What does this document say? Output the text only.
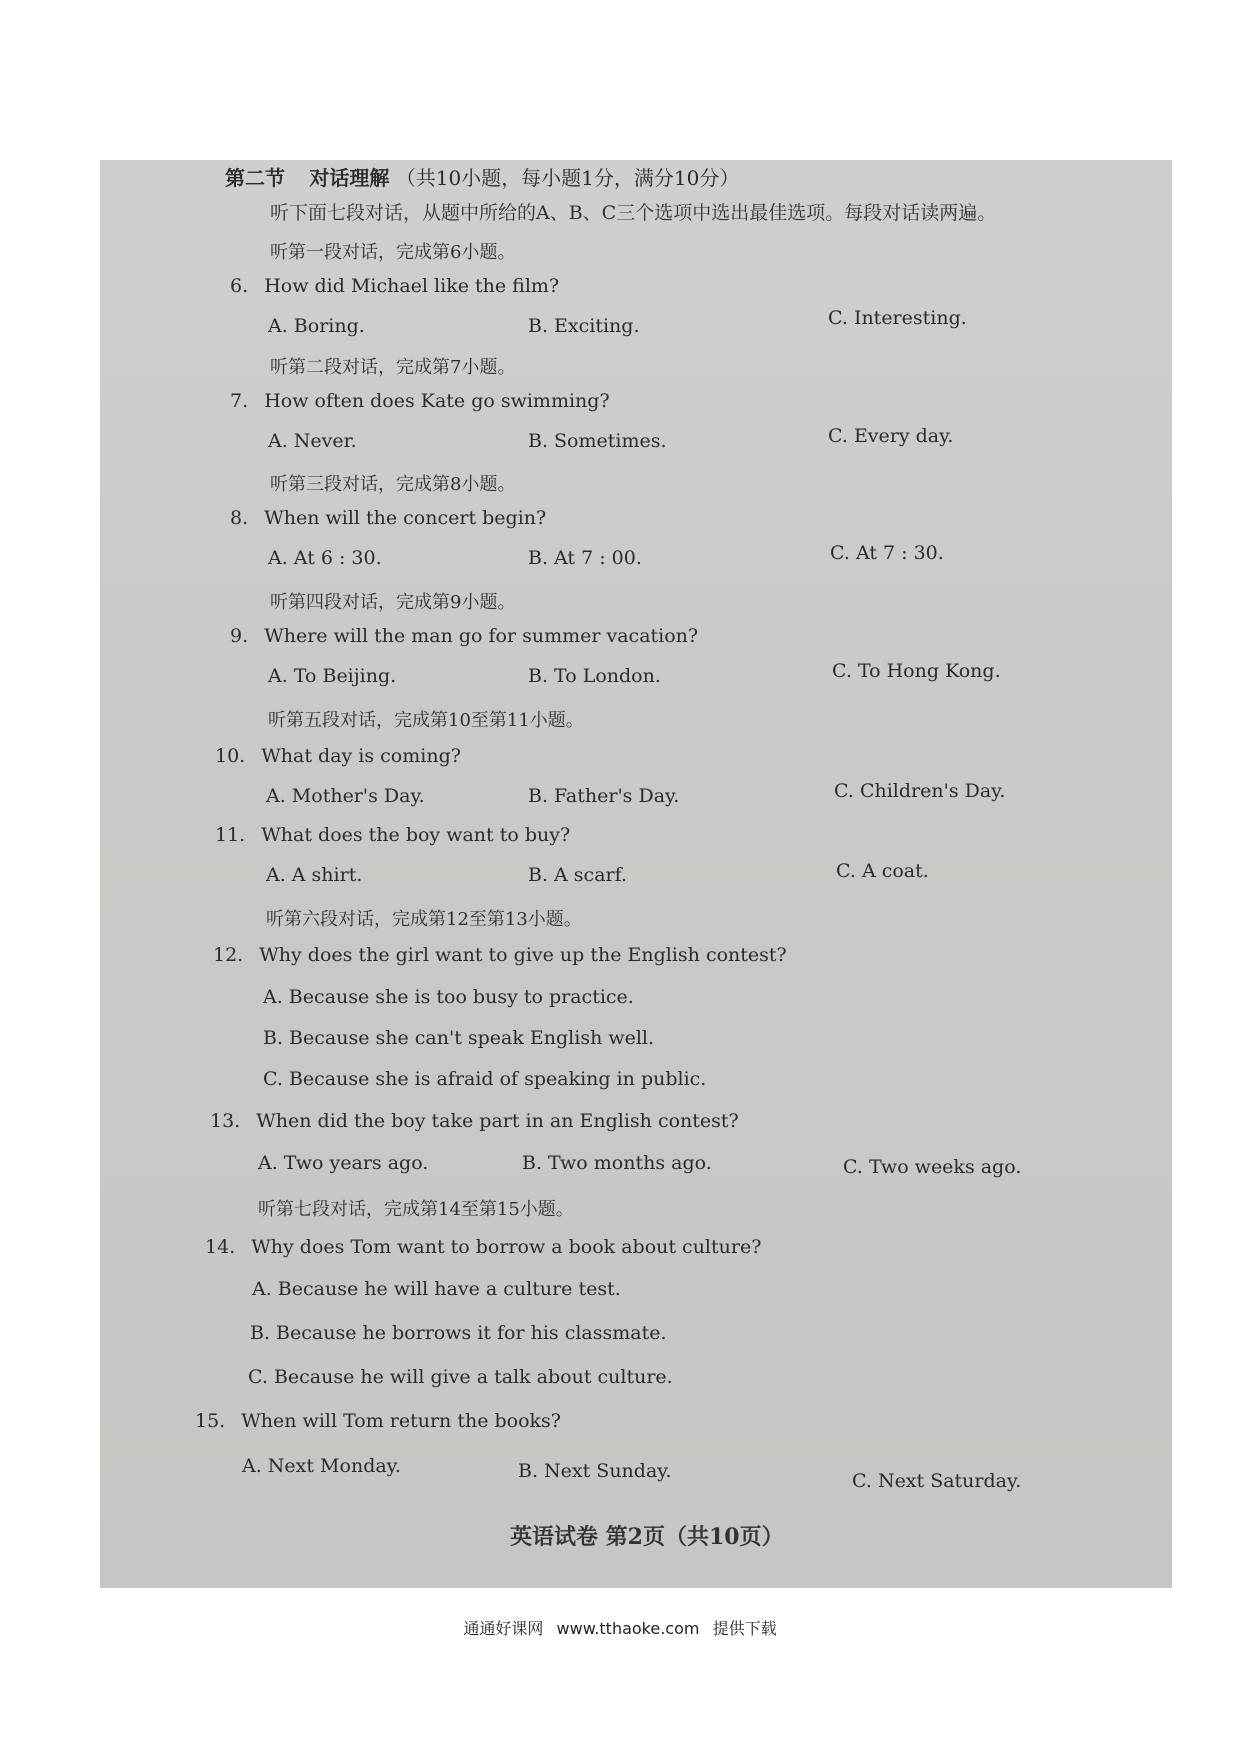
第二节 对话理解 （共10小题，每小题1分，满分10分）
听下面七段对话，从题中所给的A、B、C三个选项中选出最佳选项。每段对话读两遍。
听第一段对话，完成第6小题。
6. How did Michael like the film?
A. Boring.	B. Exciting.	C. Interesting.
听第二段对话，完成第7小题。
7. How often does Kate go swimming?
A. Never.	B. Sometimes.	C. Every day.
听第三段对话，完成第8小题。
8. When will the concert begin?
A. At 6 : 30.	B. At 7 : 00.	C. At 7 : 30.
听第四段对话，完成第9小题。
9. Where will the man go for summer vacation?
A. To Beijing.	B. To London.	C. To Hong Kong.
听第五段对话，完成第10至第11小题。
10. What day is coming?
A. Mother's Day.	B. Father's Day.	C. Children's Day.
11. What does the boy want to buy?
A. A shirt.	B. A scarf.	C. A coat.
听第六段对话，完成第12至第13小题。
12. Why does the girl want to give up the English contest?
A. Because she is too busy to practice.
B. Because she can't speak English well.
C. Because she is afraid of speaking in public.
13. When did the boy take part in an English contest?
A. Two years ago.	B. Two months ago.	C. Two weeks ago.
听第七段对话，完成第14至第15小题。
14. Why does Tom want to borrow a book about culture?
A. Because he will have a culture test.
B. Because he borrows it for his classmate.
C. Because he will give a talk about culture.
15. When will Tom return the books?
A. Next Monday.	B. Next Sunday.	C. Next Saturday.
英语试卷 第2页（共10页）
通通好课网 www.tthaoke.com 提供下载
